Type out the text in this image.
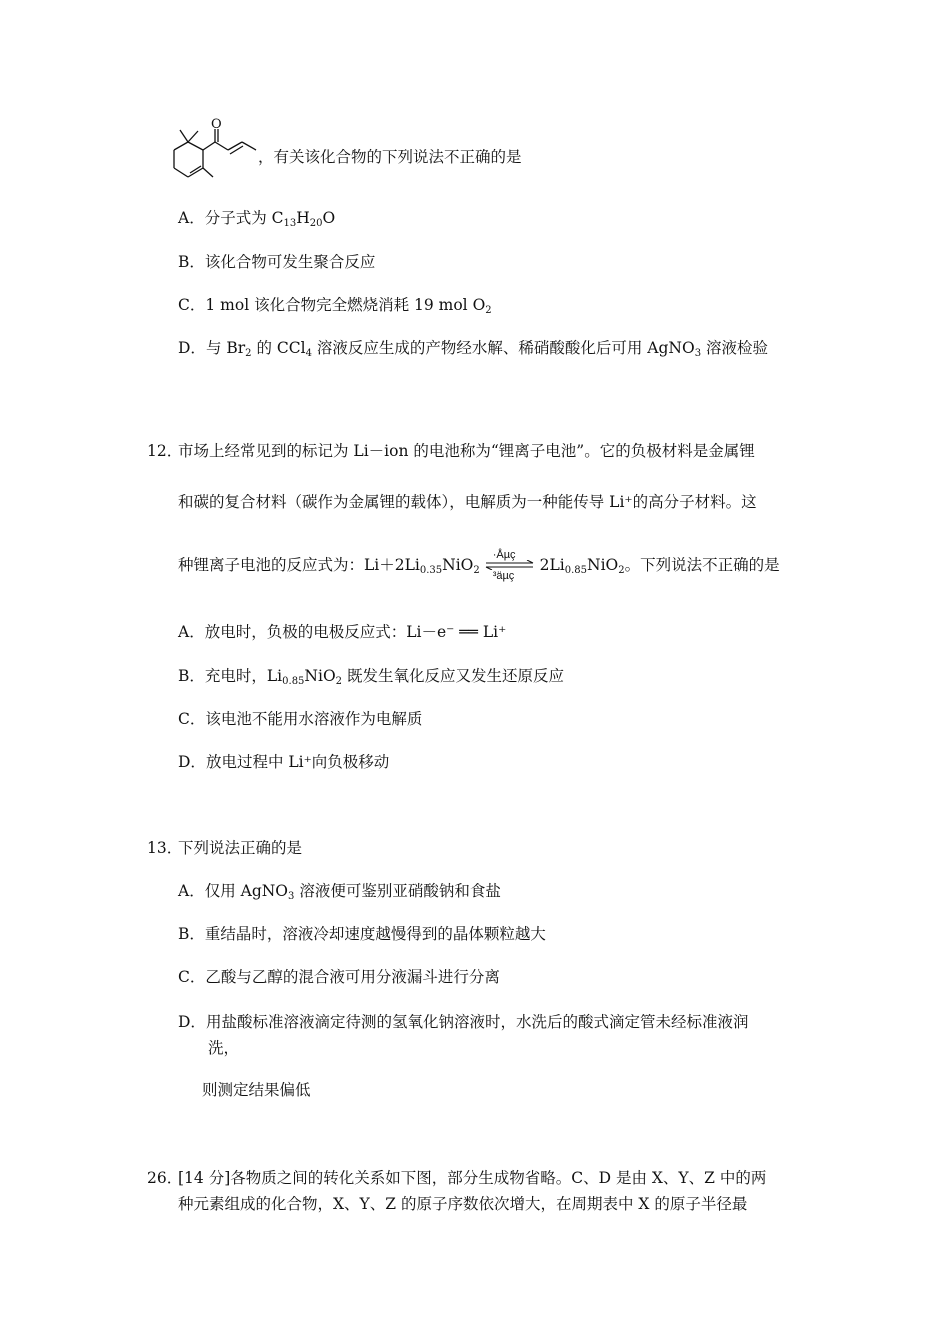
O
，有关该化合物的下列说法不正确的是
A．分子式为 $C_{13}H_{20}O$
B．该化合物可发生聚合反应
C．1 mol 该化合物完全燃烧消耗 19 mol $O_2$
D．与 $Br_2$ 的 CCl$_4$ 溶液反应生成的产物经水解、稀硝酸酸化后可用 AgNO$_3$ 溶液检验
12．
市场上经常见到的标记为 Li－ion 的电池称为“锂离子电池”。它的负极材料是金属锂
和碳的复合材料（碳作为金属锂的载体），电解质为一种能传导 Li⁺的高分子材料。这
种锂离子电池的反应式为：$Li+2Li_{0.35}NiO_2$
·Åµç
³äµç
$2Li_{0.85}NiO_2$。下列说法不正确的是
A．放电时，负极的电极反应式：Li－e⁻ ══ Li⁺
B．充电时，$Li_{0.85}NiO_2$ 既发生氧化反应又发生还原反应
C．该电池不能用水溶液作为电解质
D．放电过程中 Li⁺向负极移动
13．
下列说法正确的是
A．仅用 AgNO$_3$ 溶液便可鉴别亚硝酸钠和食盐
B．重结晶时，溶液冷却速度越慢得到的晶体颗粒越大
C．乙酸与乙醇的混合液可用分液漏斗进行分离
D．用盐酸标准溶液滴定待测的氢氧化钠溶液时，水洗后的酸式滴定管未经标准液润
洗，
则测定结果偏低
26．
[14 分]各物质之间的转化关系如下图，部分生成物省略。C、D 是由 X、Y、Z 中的两
种元素组成的化合物，X、Y、Z 的原子序数依次增大，在周期表中 X 的原子半径最
